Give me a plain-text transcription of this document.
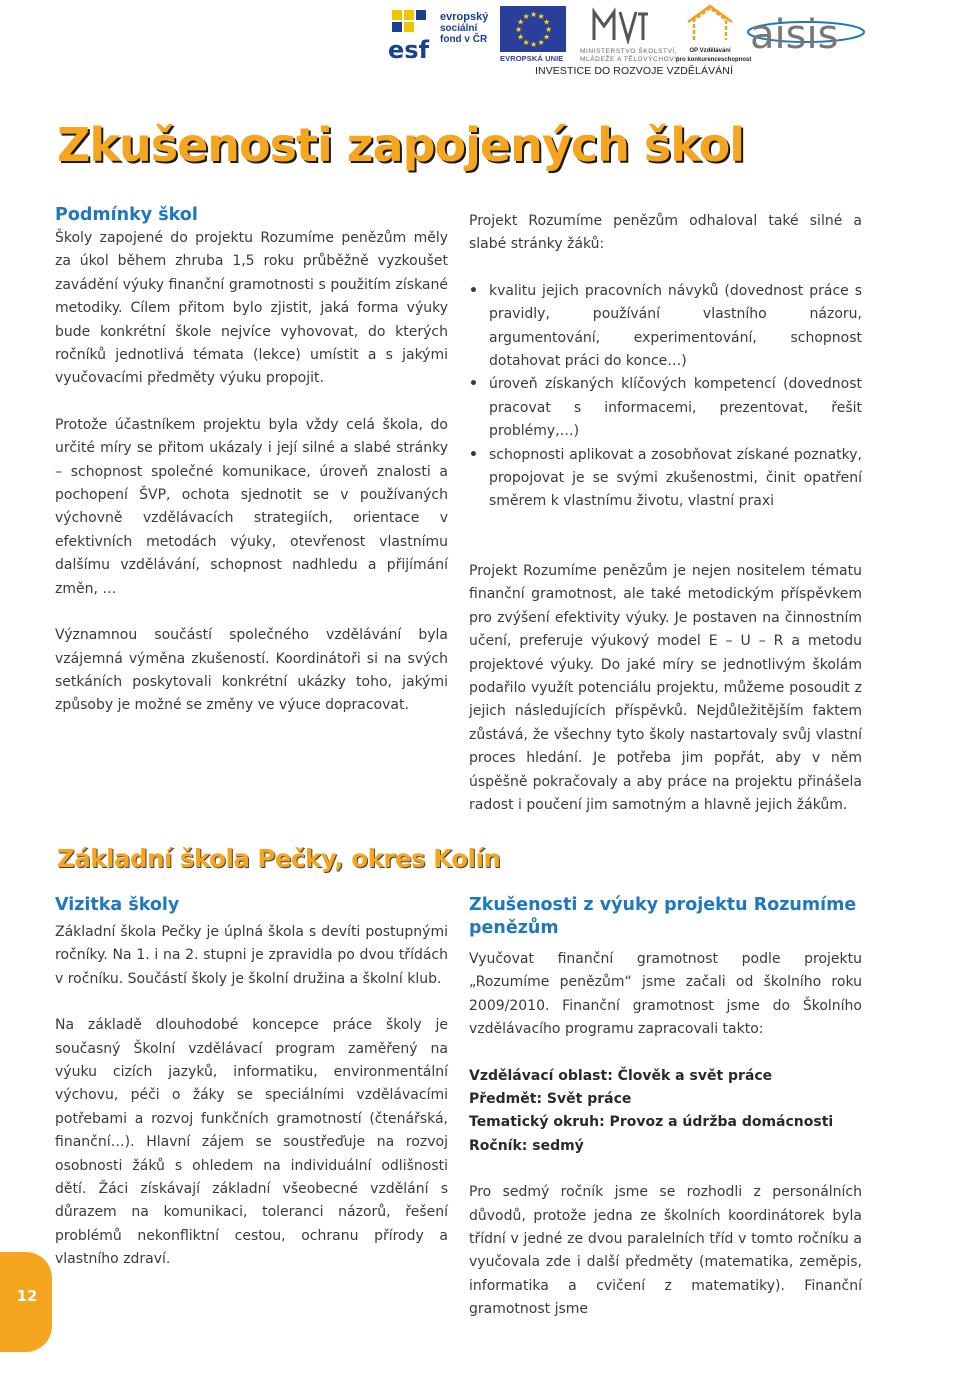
esf
evropský
sociální
fond v ČR
★ ★
★
★
★
★
★
★
★
★
★
★
EVROPSKÁ UNIE
MINISTERSTVO ŠKOLSTVÍ,
MLÁDEŽE A TĚLOVÝCHOVY
OP Vzdělávání
pro konkurenceschopnost
aisis
INVESTICE DO ROZVOJE VZDĚLÁVÁNÍ
Zkušenosti zapojených škol
Podmínky škol

Školy zapojené do projektu Rozumíme penězům měly za úkol během zhruba 1,5 roku průběžně vyzkoušet zavádění výuky finanční gramotnosti s použitím získané metodiky. Cílem přitom bylo zjistit, jaká forma výuky bude konkrétní škole nejvíce vyhovovat, do kterých ročníků jednotlivá témata (lekce) umístit a s jakými vyučovacími předměty výuku propojit.

Protože účastníkem projektu byla vždy celá škola, do určité míry se přitom ukázaly i její silné a slabé stránky – schopnost společné komunikace, úroveň znalosti a pochopení ŠVP, ochota sjednotit se v používaných výchovně vzdělávacích strategiích, orientace v efektivních metodách výuky, otevřenost vlastnímu dalšímu vzdělávání, schopnost nadhledu a přijímání změn, …

Významnou součástí společného vzdělávání byla vzájemná výměna zkušeností. Koordinátoři si na svých setkáních poskytovali konkrétní ukázky toho, jakými způsoby je možné se změny ve výuce dopracovat.

Projekt Rozumíme penězům odhaloval také silné a slabé stránky žáků:

• kvalitu jejich pracovních návyků (dovednost práce s pravidly, používání vlastního názoru, argumentování, experimentování, schopnost dotahovat práci do konce…)
• úroveň získaných klíčových kompetencí (dovednost pracovat s informacemi, prezentovat, řešit problémy,…)
• schopnosti aplikovat a zosobňovat získané poznatky, propojovat je se svými zkušenostmi, činit opatření směrem k vlastnímu životu, vlastní praxi

Projekt Rozumíme penězům je nejen nositelem tématu finanční gramotnost, ale také metodickým příspěvkem pro zvýšení efektivity výuky. Je postaven na činnostním učení, preferuje výukový model E – U – R a metodu projektové výuky. Do jaké míry se jednotlivým školám podařilo využít potenciálu projektu, můžeme posoudit z jejich následujících příspěvků. Nejdůležitějším faktem zůstává, že všechny tyto školy nastartovaly svůj vlastní proces hledání. Je potřeba jim popřát, aby v něm úspěšně pokračovaly a aby práce na projektu přinášela radost i poučení jim samotným a hlavně jejich žákům.

Základní škola Pečky, okres Kolín
Vizitka školy

Základní škola Pečky je úplná škola s devíti postupnými ročníky. Na 1. i na 2. stupni je zpravidla po dvou třídách v ročníku. Součástí školy je školní družina a školní klub.

Na základě dlouhodobé koncepce práce školy je současný Školní vzdělávací program zaměřený na výuku cizích jazyků, informatiku, environmentální výchovu, péči o žáky se speciálními vzdělávacími potřebami a rozvoj funkčních gramotností (čtenářská, finanční…). Hlavní zájem se soustřeďuje na rozvoj osobnosti žáků s ohledem na individuální odlišnosti dětí. Žáci získávají základní všeobecné vzdělání s důrazem na komunikaci, toleranci názorů, řešení problémů nekonfliktní cestou, ochranu přírody a vlastního zdraví.

Zkušenosti z výuky projektu Rozumíme penězům

Vyučovat finanční gramotnost podle projektu „Rozumíme penězům“ jsme začali od školního roku 2009/2010. Finanční gramotnost jsme do Školního vzdělávacího programu zapracovali takto:

Vzdělávací oblast: Člověk a svět práce

Předmět: Svět práce

Tematický okruh: Provoz a údržba domácnosti

Ročník: sedmý

Pro sedmý ročník jsme se rozhodli z personálních důvodů, protože jedna ze školních koordinátorek byla třídní v jedné ze dvou paralelních tříd v tomto ročníku a vyučovala zde i další předměty (matematika, zeměpis, informatika a cvičení z matematiky). Finanční gramotnost jsme

12
